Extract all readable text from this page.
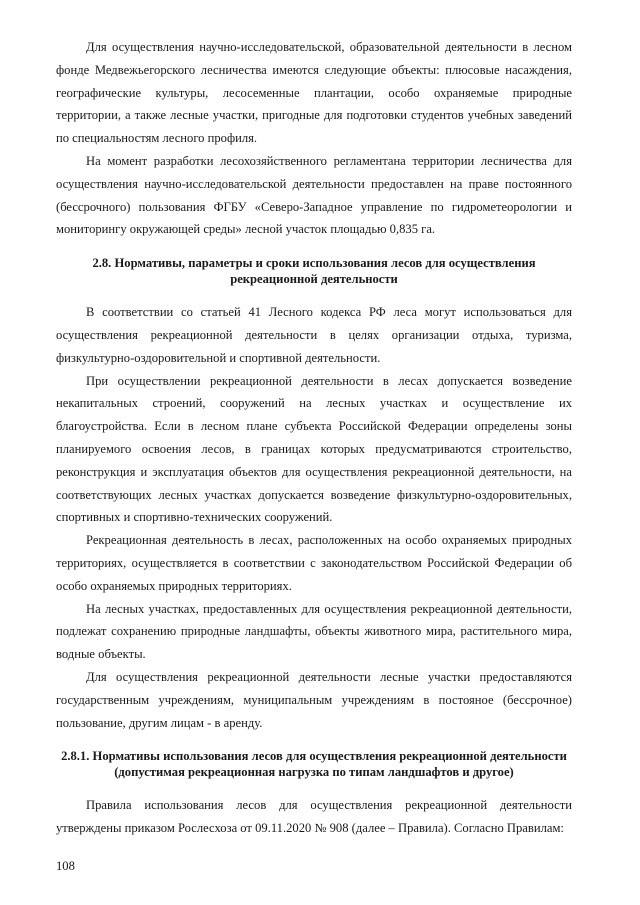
Для осуществления научно-исследовательской, образовательной деятельности в лесном фонде Медвежьегорского лесничества имеются следующие объекты: плюсовые насаждения, географические культуры, лесосеменные плантации, особо охраняемые природные территории, а также лесные участки, пригодные для подготовки студентов учебных заведений по специальностям лесного профиля.

На момент разработки лесохозяйственного регламентана территории лесничества для осуществления научно-исследовательской деятельности предоставлен на праве постоянного (бессрочного) пользования ФГБУ «Северо-Западное управление по гидрометеорологии и мониторингу окружающей среды» лесной участок площадью 0,835 га.

2.8. Нормативы, параметры и сроки использования лесов для осуществления рекреационной деятельности

В соответствии со статьей 41 Лесного кодекса РФ леса могут использоваться для осуществления рекреационной деятельности в целях организации отдыха, туризма, физкультурно-оздоровительной и спортивной деятельности.

При осуществлении рекреационной деятельности в лесах допускается возведение некапитальных строений, сооружений на лесных участках и осуществление их благоустройства. Если в лесном плане субъекта Российской Федерации определены зоны планируемого освоения лесов, в границах которых предусматриваются строительство, реконструкция и эксплуатация объектов для осуществления рекреационной деятельности, на соответствующих лесных участках допускается возведение физкультурно-оздоровительных, спортивных и спортивно-технических сооружений.

Рекреационная деятельность в лесах, расположенных на особо охраняемых природных территориях, осуществляется в соответствии с законодательством Российской Федерации об особо охраняемых природных территориях.

На лесных участках, предоставленных для осуществления рекреационной деятельности, подлежат сохранению природные ландшафты, объекты животного мира, растительного мира, водные объекты.

Для осуществления рекреационной деятельности лесные участки предоставляются государственным учреждениям, муниципальным учреждениям в постояное (бессрочное) пользование, другим лицам - в аренду.

2.8.1. Нормативы использования лесов для осуществления рекреационной деятельности (допустимая рекреационная нагрузка по типам ландшафтов и другое)

Правила использования лесов для осуществления рекреационной деятельности утверждены приказом Рослесхоза от 09.11.2020 № 908 (далее – Правила). Согласно Правилам:

108
